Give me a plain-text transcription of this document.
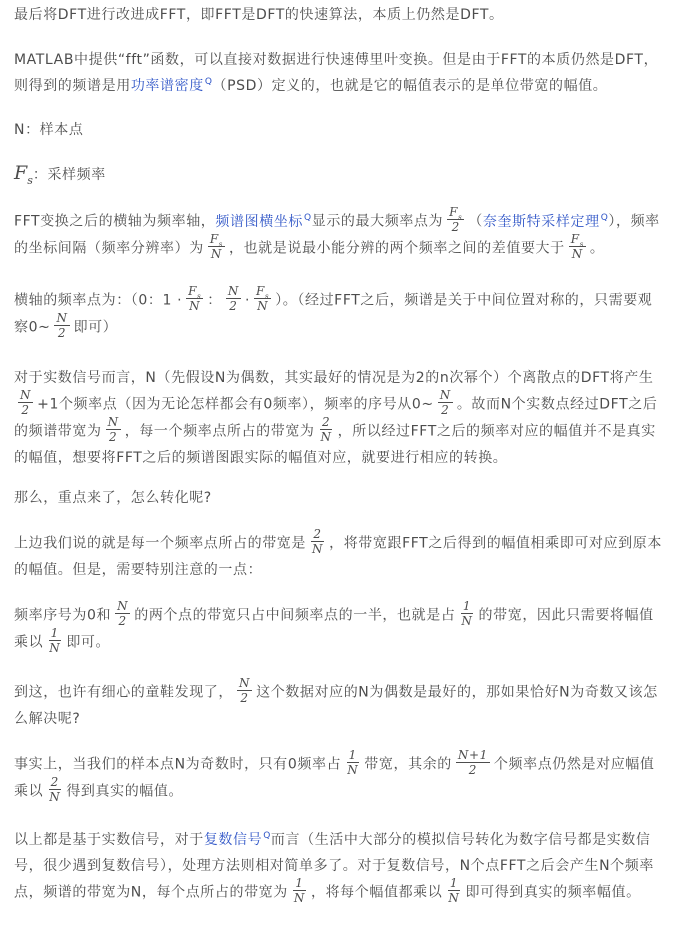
最后将DFT进行改进成FFT，即FFT是DFT的快速算法，本质上仍然是DFT。

MATLAB中提供“fft”函数，可以直接对数据进行快速傅里叶变换。但是由于FFT的本质仍然是DFT，则得到的频谱是用功率谱密度$^Q$（PSD）定义的，也就是它的幅值表示的是单位带宽的幅值。

N：样本点

$F_s$：采样频率

FFT变换之后的横轴为频率轴，频谱图横坐标$^Q$显示的最大频率点为 $\frac{F_s}{2}$ （奈奎斯特采样定理$^Q$），频率的坐标间隔（频率分辨率）为 $\frac{F_s}{N}$ ，也就是说最小能分辨的两个频率之间的差值要大于 $\frac{F_s}{N}$ 。

横轴的频率点为：（0：$1 \cdot \frac{F_s}{N}$ ： $\frac{N}{2} \cdot \frac{F_s}{N}$ ）。（经过FFT之后，频谱是关于中间位置对称的，只需要观察0~ $\frac{N}{2}$ 即可）

对于实数信号而言，N（先假设N为偶数，其实最好的情况是为2的n次幂个）个离散点的DFT将产生
$\frac{N}{2} +1$个频率点（因为无论怎样都会有0频率），频率的序号从0~ $\frac{N}{2}$ 。故而N个实数点经过DFT之后的频谱带宽为 $\frac{N}{2}$ ，每一个频率点所占的带宽为 $\frac{2}{N}$ ，所以经过FFT之后的频率对应的幅值并不是真实的幅值，想要将FFT之后的频谱图跟实际的幅值对应，就要进行相应的转换。

那么，重点来了，怎么转化呢?

上边我们说的就是每一个频率点所占的带宽是 $\frac{2}{N}$ ，将带宽跟FFT之后得到的幅值相乘即可对应到原本的幅值。但是，需要特别注意的一点：

频率序号为0和 $\frac{N}{2}$ 的两个点的带宽只占中间频率点的一半，也就是占 $\frac{1}{N}$ 的带宽，因此只需要将幅值乘以 $\frac{1}{N}$ 即可。

到这，也许有细心的童鞋发现了， $\frac{N}{2}$ 这个数据对应的N为偶数是最好的，那如果恰好N为奇数又该怎么解决呢?

事实上，当我们的样本点N为奇数时，只有0频率占 $\frac{1}{N}$ 带宽，其余的 $\frac{N+1}{2}$ 个频率点仍然是对应幅值乘以 $\frac{2}{N}$ 得到真实的幅值。

以上都是基于实数信号，对于复数信号$^Q$而言（生活中大部分的模拟信号转化为数字信号都是实数信号，很少遇到复数信号），处理方法则相对简单多了。对于复数信号，N个点FFT之后会产生N个频率点，频谱的带宽为N，每个点所占的带宽为 $\frac{1}{N}$ ，将每个幅值都乘以 $\frac{1}{N}$ 即可得到真实的频率幅值。
